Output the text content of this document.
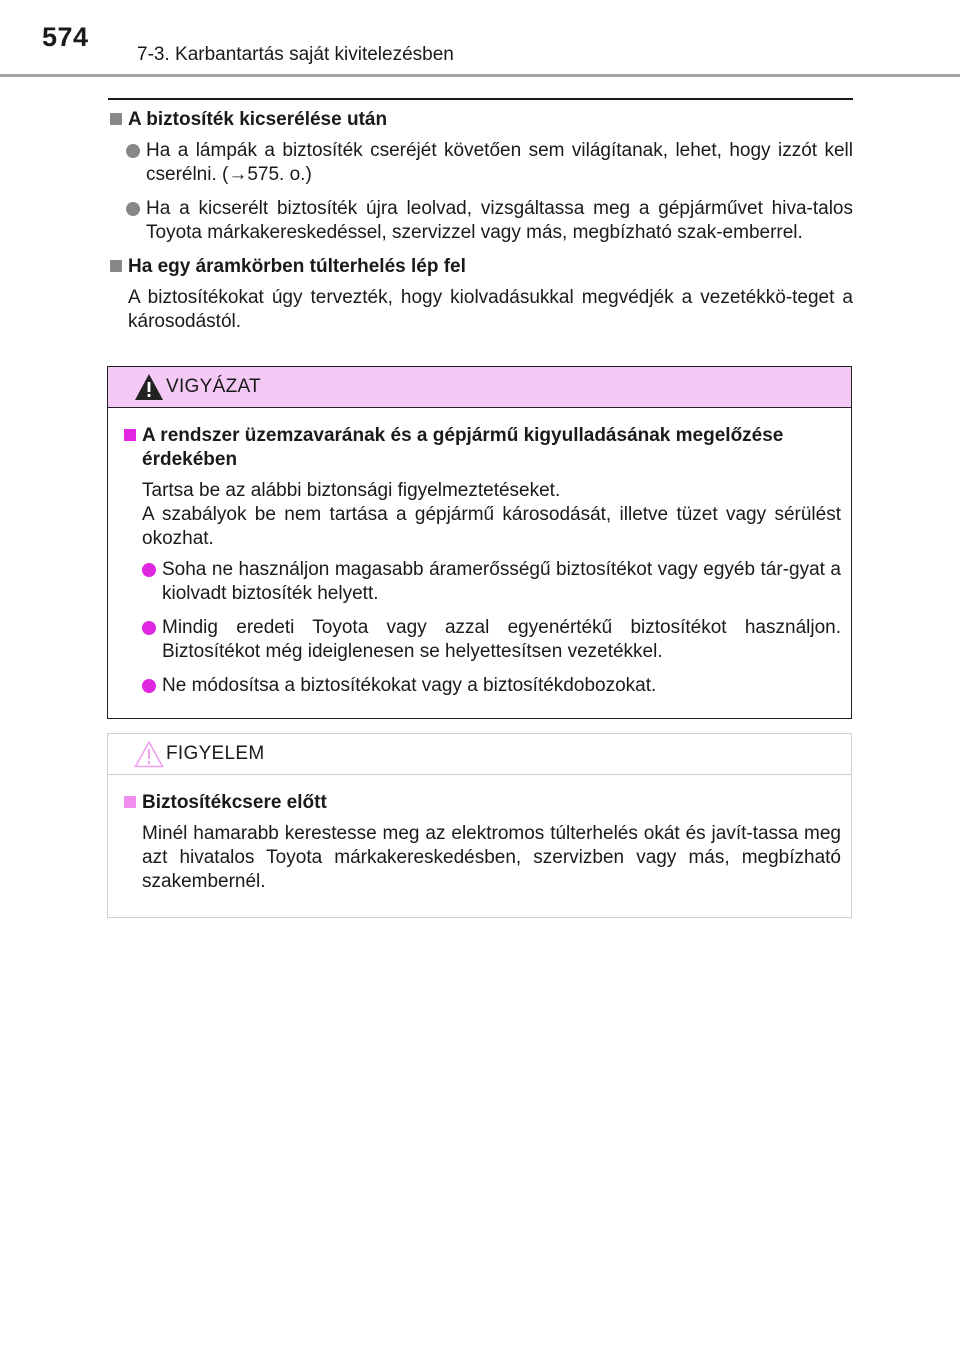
574
7-3. Karbantartás saját kivitelezésben
A biztosíték kicserélése után
Ha a lámpák a biztosíték cseréjét követően sem világítanak, lehet, hogy izzót kell cserélni. (→575. o.)
Ha a kicserélt biztosíték újra leolvad, vizsgáltassa meg a gépjárművet hiva-talos Toyota márkakereskedéssel, szervizzel vagy más, megbízható szak-emberrel.
Ha egy áramkörben túlterhelés lép fel
A biztosítékokat úgy tervezték, hogy kiolvadásukkal megvédjék a vezetékkö-teget a károsodástól.
VIGYÁZAT
A rendszer üzemzavarának és a gépjármű kigyulladásának megelőzése érdekében
Tartsa be az alábbi biztonsági figyelmeztetéseket.
A szabályok be nem tartása a gépjármű károsodását, illetve tüzet vagy sérülést okozhat.
Soha ne használjon magasabb áramerősségű biztosítékot vagy egyéb tár-gyat a kiolvadt biztosíték helyett.
Mindig eredeti Toyota vagy azzal egyenértékű biztosítékot használjon. Biztosítékot még ideiglenesen se helyettesítsen vezetékkel.
Ne módosítsa a biztosítékokat vagy a biztosítékdobozokat.
FIGYELEM
Biztosítékcsere előtt
Minél hamarabb kerestesse meg az elektromos túlterhelés okát és javít-tassa meg azt hivatalos Toyota márkakereskedésben, szervizben vagy más, megbízható szakembernél.
